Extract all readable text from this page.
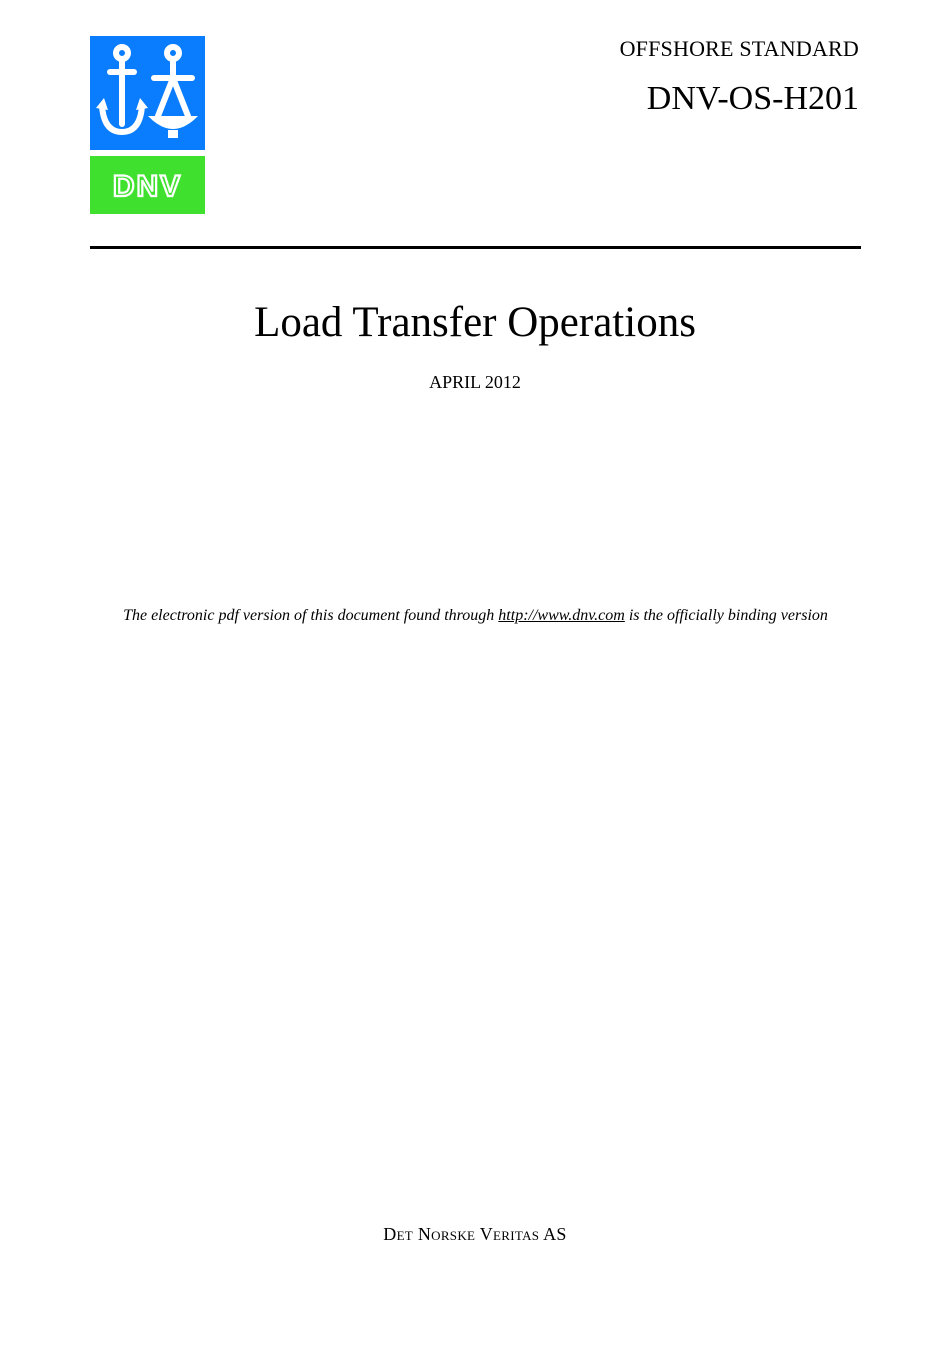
DNV
OFFSHORE STANDARD
DNV-OS-H201
Load Transfer Operations
APRIL 2012
The electronic pdf version of this document found through http://www.dnv.com is the officially binding version
Det Norske Veritas AS
